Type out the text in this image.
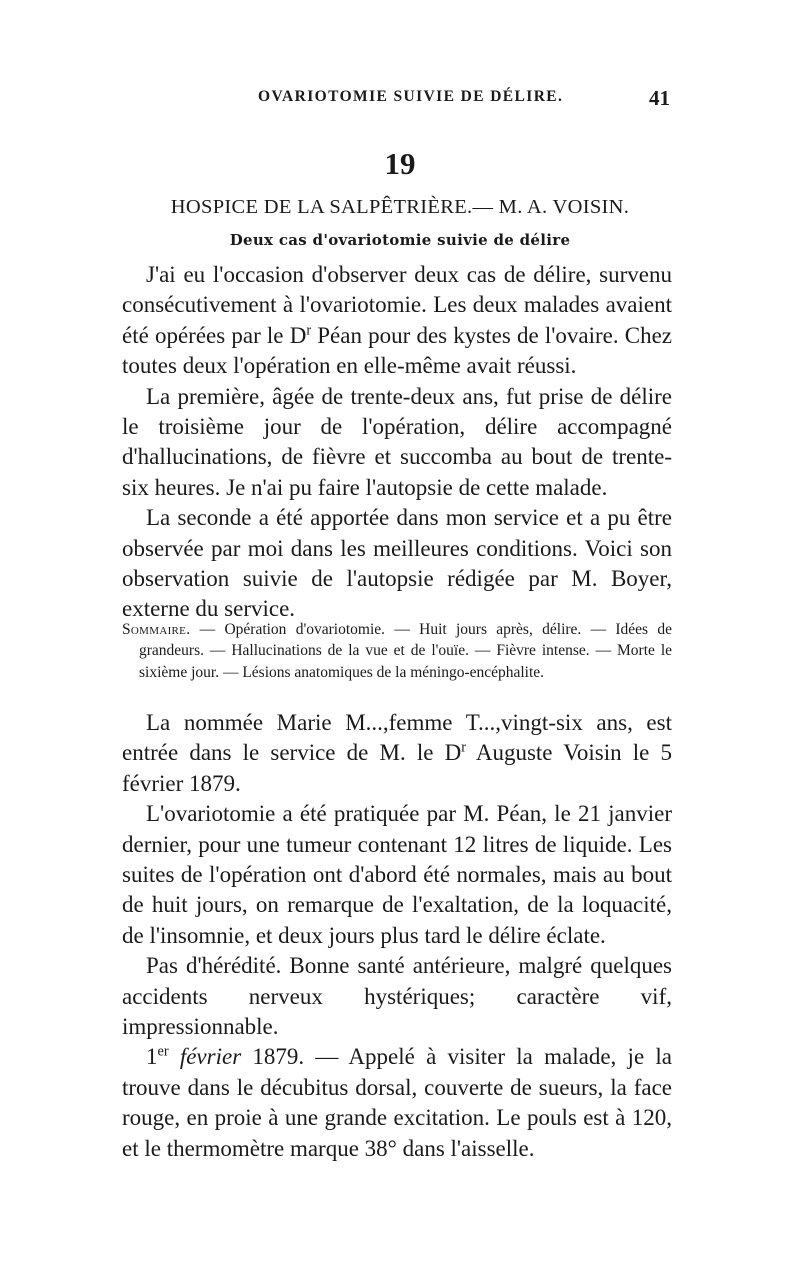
OVARIOTOMIE SUIVIE DE DÉLIRE.	41
19
HOSPICE DE LA SALPÊTRIÈRE.— M. A. VOISIN.
Deux cas d'ovariotomie suivie de délire

J'ai eu l'occasion d'observer deux cas de délire, survenu consécutivement à l'ovariotomie. Les deux malades avaient été opérées par le $D^r$ Péan pour des kystes de l'ovaire. Chez toutes deux l'opération en elle-même avait réussi.

La première, âgée de trente-deux ans, fut prise de délire le troisième jour de l'opération, délire accompagné d'hallucinations, de fièvre et succomba au bout de trente-six heures. Je n'ai pu faire l'autopsie de cette malade.

La seconde a été apportée dans mon service et a pu être observée par moi dans les meilleures conditions. Voici son observation suivie de l'autopsie rédigée par M. Boyer, externe du service.

Sommaire. — Opération d'ovariotomie. — Huit jours après, délire. — Idées de grandeurs. — Hallucinations de la vue et de l'ouïe. — Fièvre intense. — Morte le sixième jour. — Lésions anatomiques de la méningo-encéphalite.

La nommée Marie M...,femme T...,vingt-six ans, est entrée dans le service de M. le $D^r$ Auguste Voisin le 5 février 1879.

L'ovariotomie a été pratiquée par M. Péan, le 21 janvier dernier, pour une tumeur contenant 12 litres de liquide. Les suites de l'opération ont d'abord été normales, mais au bout de huit jours, on remarque de l'exaltation, de la loquacité, de l'insomnie, et deux jours plus tard le délire éclate.

Pas d'hérédité. Bonne santé antérieure, malgré quelques accidents nerveux hystériques; caractère vif, impressionnable.

1er février 1879. — Appelé à visiter la malade, je la trouve dans le décubitus dorsal, couverte de sueurs, la face rouge, en proie à une grande excitation. Le pouls est à 120, et le thermomètre marque 38° dans l'aisselle.
